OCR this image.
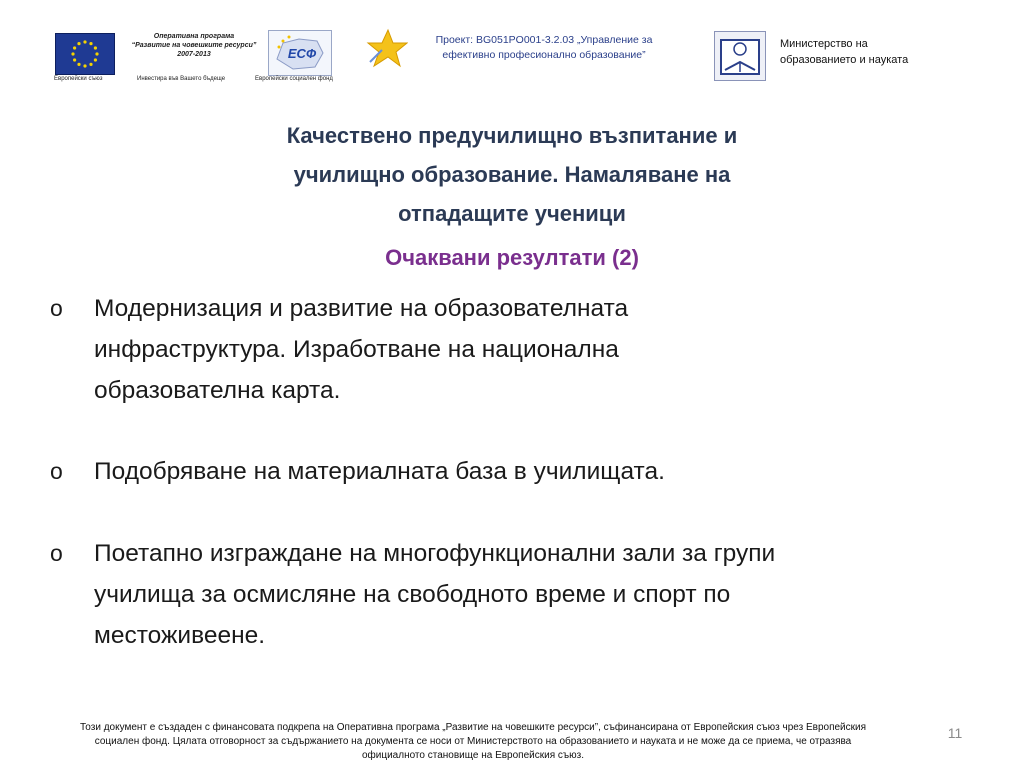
Европейски съюз
Оперативна програма
“Развитие на човешките ресурси”
2007-2013
Инвестира във Вашето бъдеще
ЕСФ
Европейски социален фонд
Проект: BG051PO001-3.2.03 „Управление за
ефективно професионално образование”
Министерство на
образованието и науката
Качествено предучилищно възпитание и
училищно образование. Намаляване на
отпадащите ученици
Очаквани резултати (2)
o	Модернизация и развитие на образователната
инфраструктура. Изработване на национална
образователна карта.
o	Подобряване на материалната база в училищата.
o	Поетапно изграждане на многофункционални зали за групи
училища за осмисляне на свободното време и спорт по
местоживеене.
Този документ е създаден с финансовата подкрепа на Оперативна програма „Развитие на човешките ресурси”, съфинансирана от Европейския съюз чрез Европейския
социален фонд. Цялата отговорност за съдържанието на документа се носи от Министерството на образованието и науката и не може да се приема, че отразява
официалното становище на Европейския съюз.
11
